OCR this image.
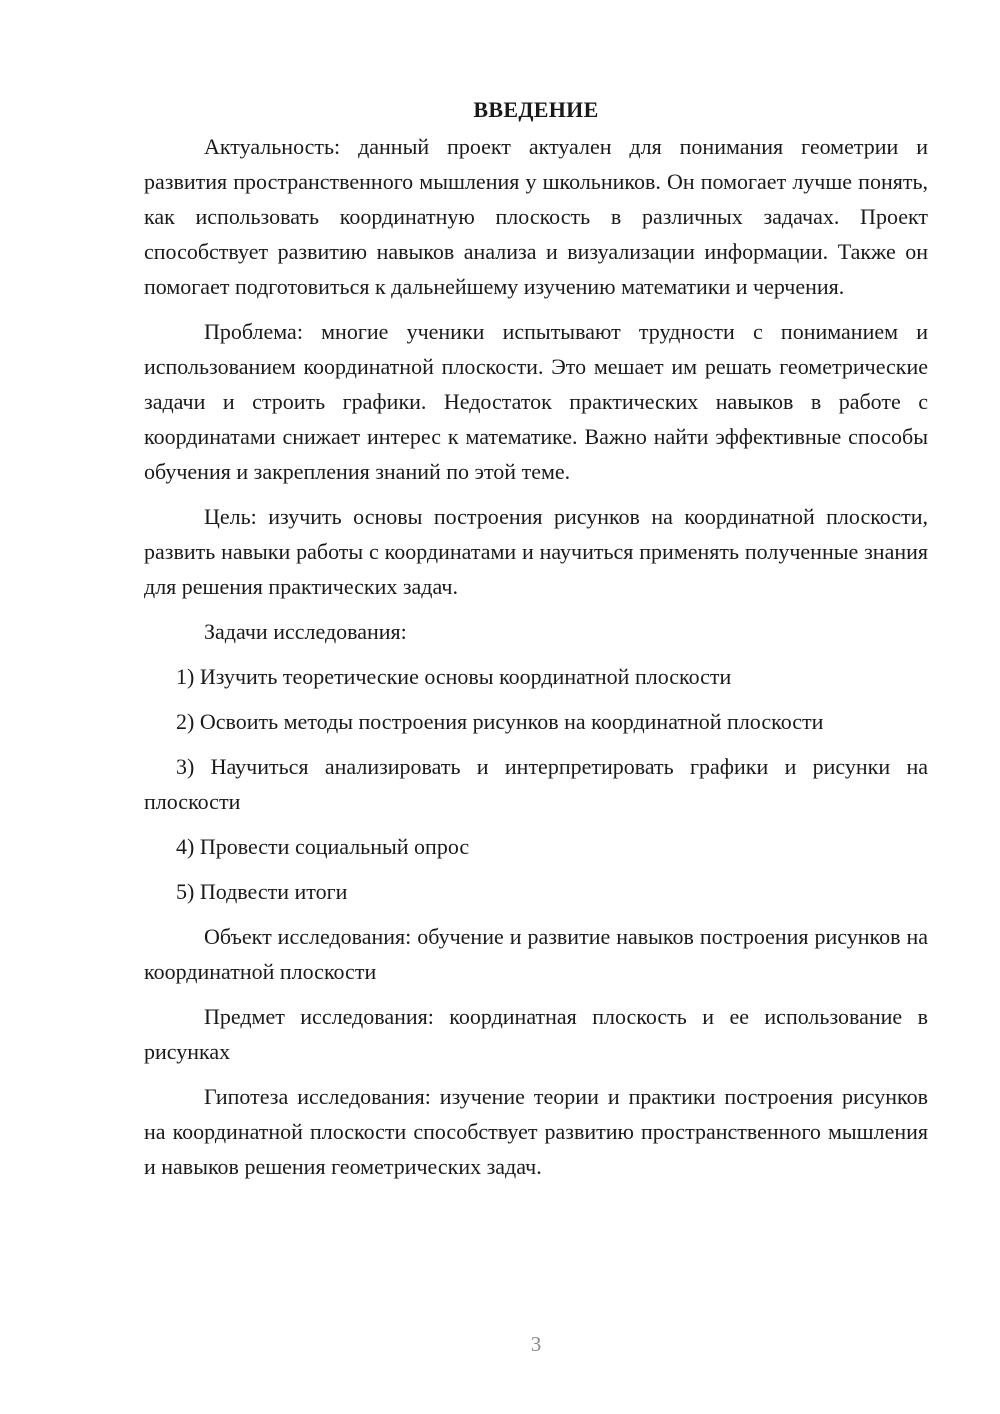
ВВЕДЕНИЕ

Актуальность: данный проект актуален для понимания геометрии и развития пространственного мышления у школьников. Он помогает лучше понять, как использовать координатную плоскость в различных задачах. Проект способствует развитию навыков анализа и визуализации информации. Также он помогает подготовиться к дальнейшему изучению математики и черчения.

Проблема: многие ученики испытывают трудности с пониманием и использованием координатной плоскости. Это мешает им решать геометрические задачи и строить графики. Недостаток практических навыков в работе с координатами снижает интерес к математике. Важно найти эффективные способы обучения и закрепления знаний по этой теме.

Цель: изучить основы построения рисунков на координатной плоскости, развить навыки работы с координатами и научиться применять полученные знания для решения практических задач.

Задачи исследования:

1) Изучить теоретические основы координатной плоскости

2) Освоить методы построения рисунков на координатной плоскости

3) Научиться анализировать и интерпретировать графики и рисунки на плоскости

4) Провести социальный опрос

5) Подвести итоги

Объект исследования: обучение и развитие навыков построения рисунков на координатной плоскости

Предмет исследования: координатная плоскость и ее использование в рисунках

Гипотеза исследования: изучение теории и практики построения рисунков на координатной плоскости способствует развитию пространственного мышления и навыков решения геометрических задач.

3
